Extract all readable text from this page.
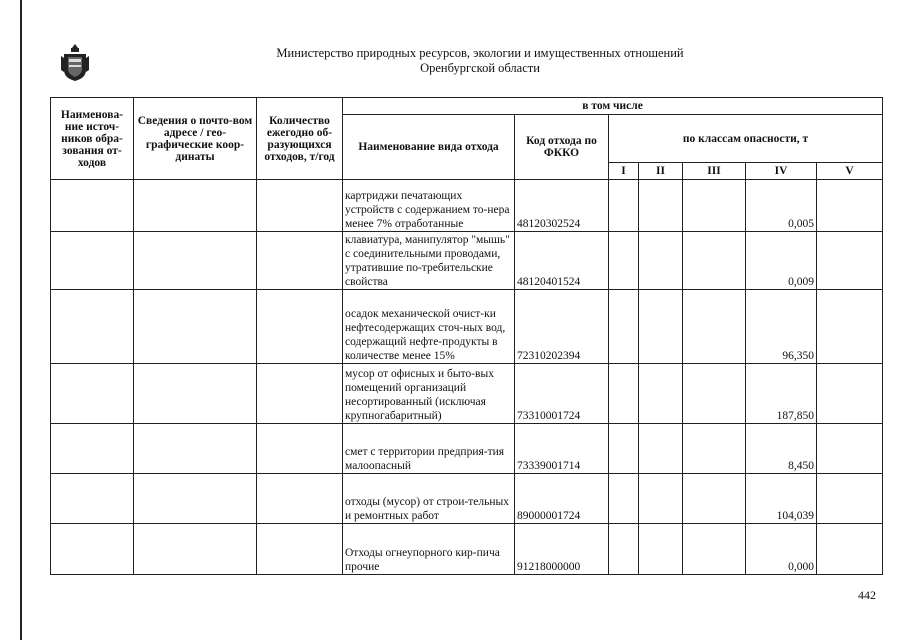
Министерство природных ресурсов, экологии и имущественных отношений
Оренбургской области
Наименова-ние источ-ников обра-зования от-ходов	Сведения о почто-вом адресе / гео-графические коор-динаты	Количество ежегодно об-разующихся отходов, т/год	в том числе						
			Наименование вида отхода	Код отхода по ФККО	по классам опасности, т				
					I	II	III	IV	V
			картриджи печатающих устройств с содержанием то-нера менее 7% отработанные	48120302524				0,005	
			клавиатура, манипулятор "мышь" с соединительными проводами, утратившие по-требительские свойства	48120401524				0,009	
			осадок механической очист-ки нефтесодержащих сточ-ных вод, содержащий нефте-продукты в количестве менее 15%	72310202394				96,350	
			мусор от офисных и быто-вых помещений организаций несортированный (исключая крупногабаритный)	73310001724				187,850	
			смет с территории предприя-тия малоопасный	73339001714				8,450	
			отходы (мусор) от строи-тельных и ремонтных работ	89000001724				104,039	
			Отходы огнеупорного кир-пича прочие	91218000000				0,000	
442
